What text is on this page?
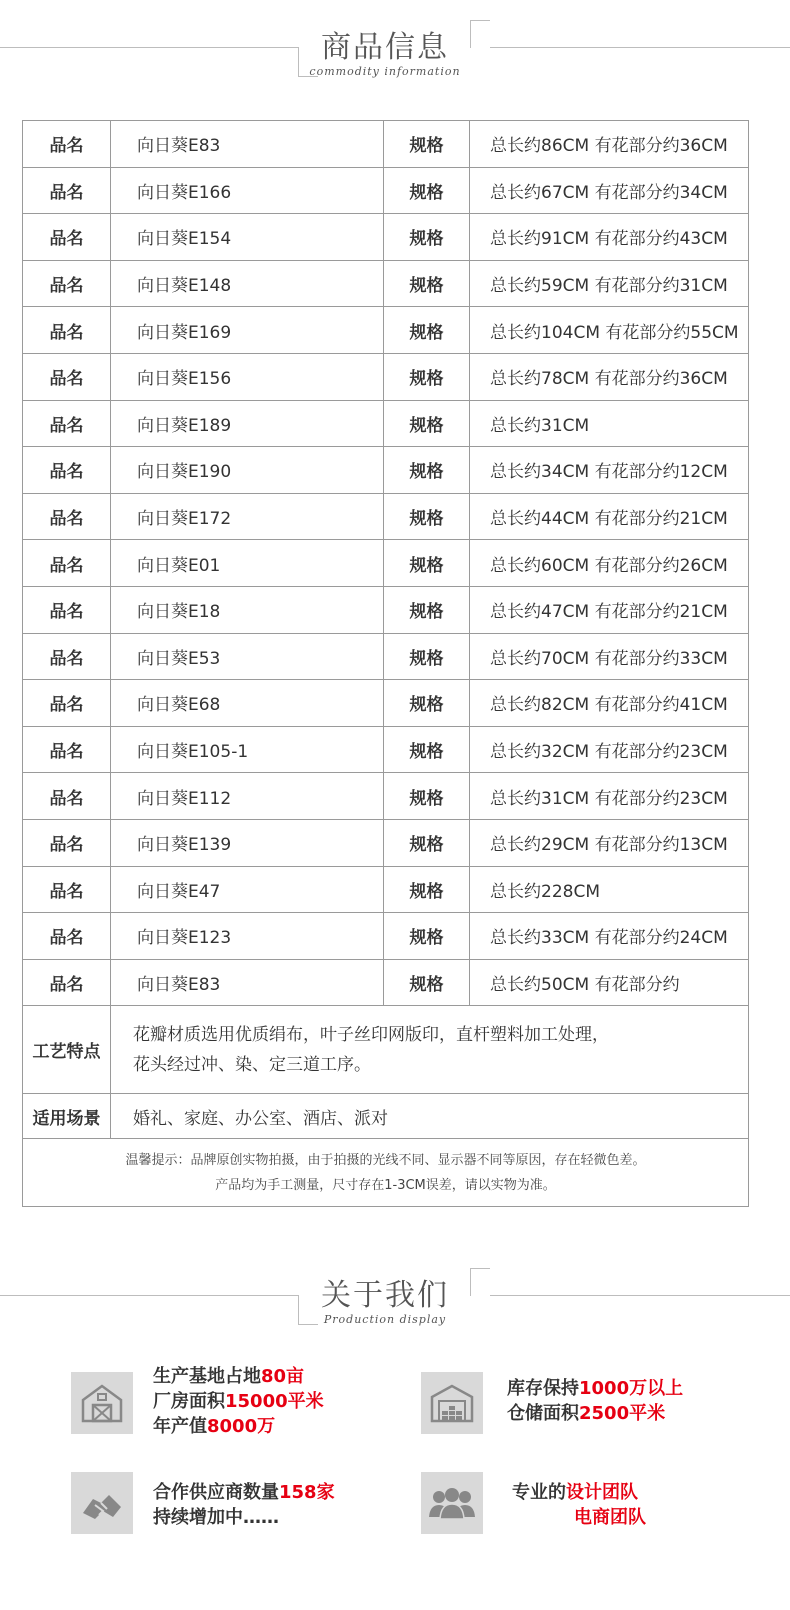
商品信息
commodity information
品名	向日葵E83	规格	总长约86CM 有花部分约36CM
品名	向日葵E166	规格	总长约67CM 有花部分约34CM
品名	向日葵E154	规格	总长约91CM 有花部分约43CM
品名	向日葵E148	规格	总长约59CM 有花部分约31CM
品名	向日葵E169	规格	总长约104CM 有花部分约55CM
品名	向日葵E156	规格	总长约78CM 有花部分约36CM
品名	向日葵E189	规格	总长约31CM
品名	向日葵E190	规格	总长约34CM 有花部分约12CM
品名	向日葵E172	规格	总长约44CM 有花部分约21CM
品名	向日葵E01	规格	总长约60CM 有花部分约26CM
品名	向日葵E18	规格	总长约47CM 有花部分约21CM
品名	向日葵E53	规格	总长约70CM 有花部分约33CM
品名	向日葵E68	规格	总长约82CM 有花部分约41CM
品名	向日葵E105-1	规格	总长约32CM 有花部分约23CM
品名	向日葵E112	规格	总长约31CM 有花部分约23CM
品名	向日葵E139	规格	总长约29CM 有花部分约13CM
品名	向日葵E47	规格	总长约228CM
品名	向日葵E123	规格	总长约33CM 有花部分约24CM
品名	向日葵E83	规格	总长约50CM 有花部分约
工艺特点	花瓣材质选用优质绢布，叶子丝印网版印，直杆塑料加工处理，
花头经过冲、染、定三道工序。		

适用场景	婚礼、家庭、办公室、酒店、派对		

温馨提示：品牌原创实物拍摄，由于拍摄的光线不同、显示器不同等原因，存在轻微色差。
产品均为手工测量，尺寸存在1-3CM误差，请以实物为准。			
关于我们
Production display
生产基地占地80亩
厂房面积15000平米
年产值8000万
库存保持1000万以上
仓储面积2500平米
合作供应商数量158家
持续增加中……
专业的设计团队
电商团队
